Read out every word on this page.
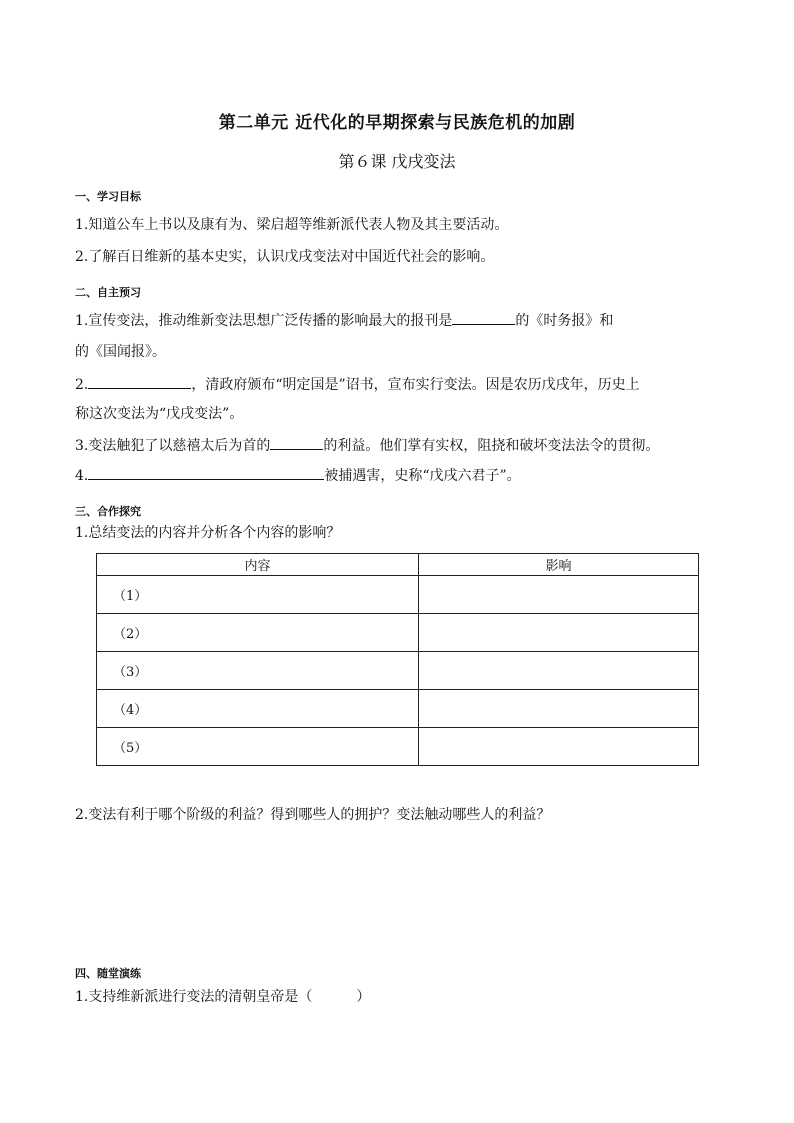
第二单元 近代化的早期探索与民族危机的加剧
第６课 戊戌变法
一、学习目标
1.知道公车上书以及康有为、梁启超等维新派代表人物及其主要活动。
2.了解百日维新的基本史实，认识戊戌变法对中国近代社会的影响。
二、自主预习
1.宣传变法，推动维新变法思想广泛传播的影响最大的报刊是	的《时务报》和
的《国闻报》。
2.	，清政府颁布“明定国是”诏书，宣布实行变法。因是农历戊戌年，历史上
称这次变法为“戊戌变法”。
3.变法触犯了以慈禧太后为首的	的利益。他们掌有实权，阻挠和破坏变法法令的贯彻。
4.	被捕遇害，史称“戊戌六君子”。
三、合作探究
1.总结变法的内容并分析各个内容的影响？
内容	影响
（1）	
（2）	
（3）	
（4）	
（5）	
2.变法有利于哪个阶级的利益？得到哪些人的拥护？变法触动哪些人的利益？
四、随堂演练
1.支持维新派进行变法的清朝皇帝是（	）
